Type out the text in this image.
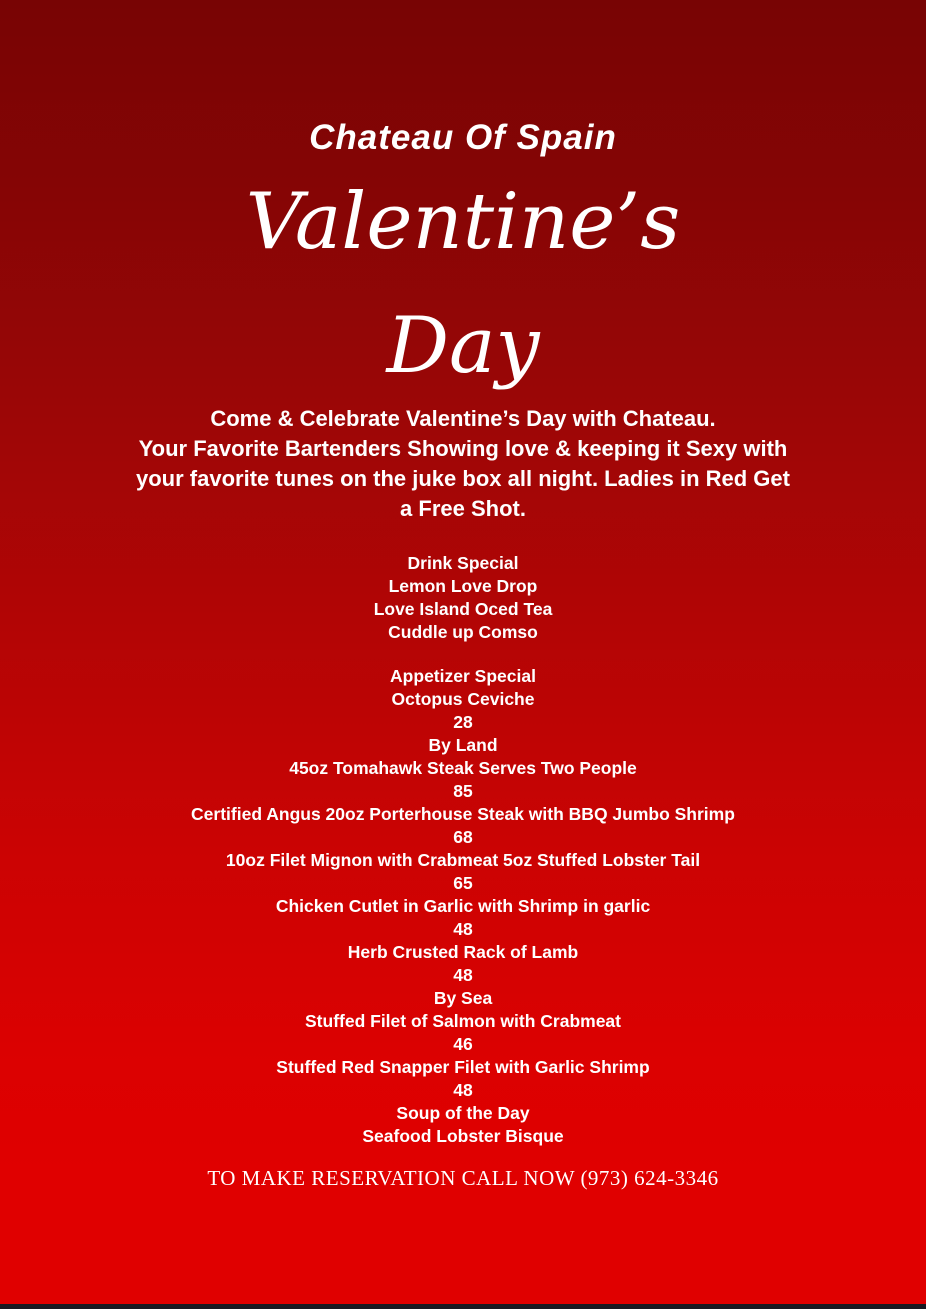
Chateau Of Spain
Valentine’s
Day
Come & Celebrate Valentine’s Day with Chateau.
Your Favorite Bartenders Showing love & keeping it Sexy with
your favorite tunes on the juke box all night. Ladies in Red Get
a Free Shot.
Drink Special
Lemon Love Drop
Love Island Oced Tea
Cuddle up Comso
Appetizer Special
Octopus Ceviche
28
By Land
45oz Tomahawk Steak Serves Two People
85
Certified Angus 20oz Porterhouse Steak with BBQ Jumbo Shrimp
68
10oz Filet Mignon with Crabmeat 5oz Stuffed Lobster Tail
65
Chicken Cutlet in Garlic with Shrimp in garlic
48
Herb Crusted Rack of Lamb
48
By Sea
Stuffed Filet of Salmon with Crabmeat
46
Stuffed Red Snapper Filet with Garlic Shrimp
48
Soup of the Day
Seafood Lobster Bisque
TO MAKE RESERVATION CALL NOW (973) 624-3346
